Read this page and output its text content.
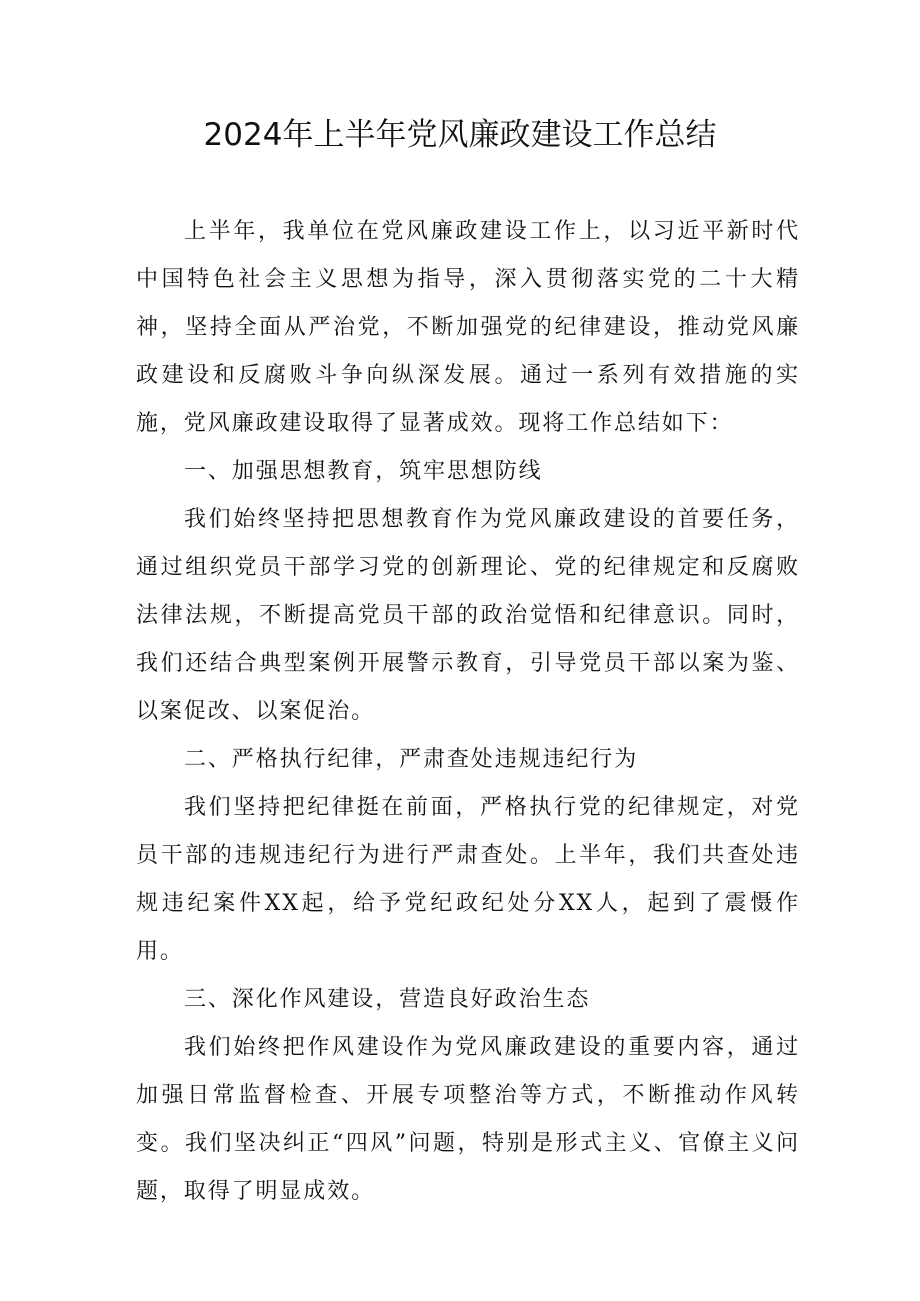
2024年上半年党风廉政建设工作总结

上半年，我单位在党风廉政建设工作上，以习近平新时代中国特色社会主义思想为指导，深入贯彻落实党的二十大精神，坚持全面从严治党，不断加强党的纪律建设，推动党风廉政建设和反腐败斗争向纵深发展。通过一系列有效措施的实施，党风廉政建设取得了显著成效。现将工作总结如下：

一、加强思想教育，筑牢思想防线

我们始终坚持把思想教育作为党风廉政建设的首要任务，通过组织党员干部学习党的创新理论、党的纪律规定和反腐败法律法规，不断提高党员干部的政治觉悟和纪律意识。同时，我们还结合典型案例开展警示教育，引导党员干部以案为鉴、以案促改、以案促治。

二、严格执行纪律，严肃查处违规违纪行为

我们坚持把纪律挺在前面，严格执行党的纪律规定，对党员干部的违规违纪行为进行严肃查处。上半年，我们共查处违规违纪案件XX起，给予党纪政纪处分XX人，起到了震慑作用。

三、深化作风建设，营造良好政治生态

我们始终把作风建设作为党风廉政建设的重要内容，通过加强日常监督检查、开展专项整治等方式，不断推动作风转变。我们坚决纠正“四风”问题，特别是形式主义、官僚主义问题，取得了明显成效。
